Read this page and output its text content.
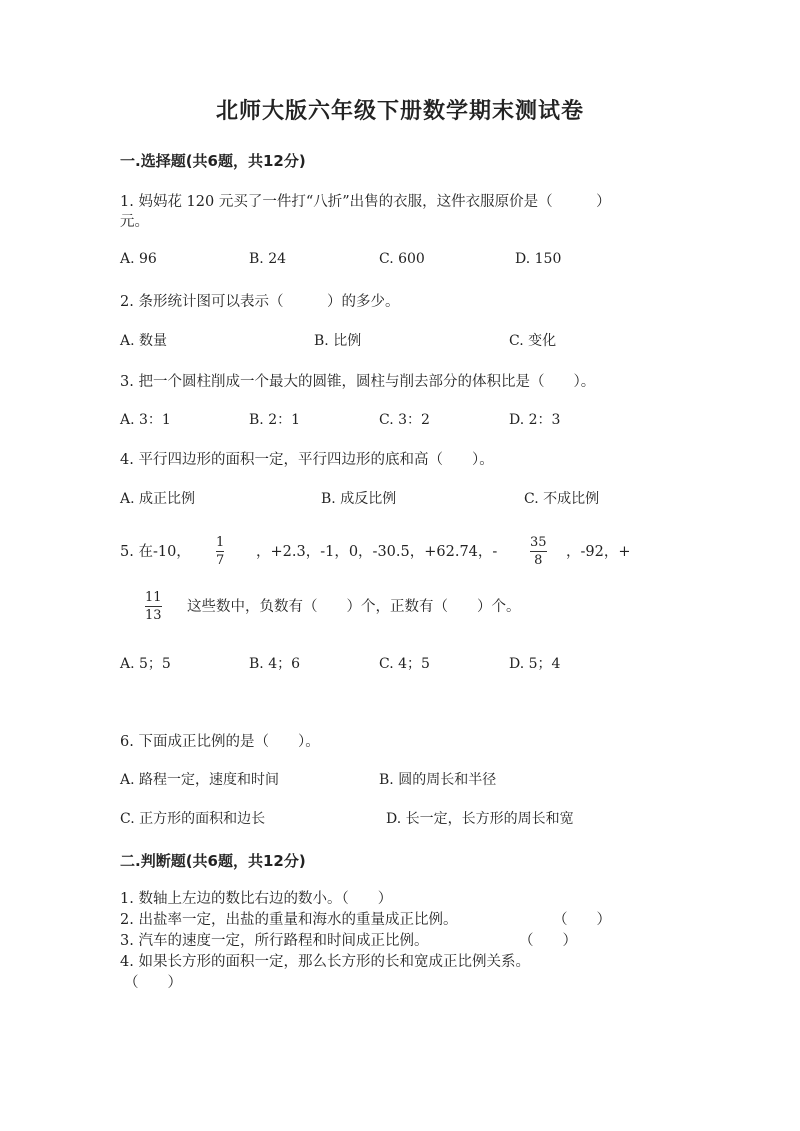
北师大版六年级下册数学期末测试卷
一.选择题(共6题，共12分)
1. 妈妈花 120 元买了一件打“八折”出售的衣服，这件衣服原价是（　　　）
元。
A. 96	B. 24	C. 600	D. 150
2. 条形统计图可以表示（　　　）的多少。
A. 数量	B. 比例	C. 变化
3. 把一个圆柱削成一个最大的圆锥，圆柱与削去部分的体积比是（　　）。
A. 3：1	B. 2：1	C. 3：2	D. 2：3
4. 平行四边形的面积一定，平行四边形的底和高（　　）。
A. 成正比例	B. 成反比例	C. 不成比例
5. 在-10，
1
7
，+2.3，-1，0，-30.5，+62.74，-
35
8
，-92，+
11
13
这些数中，负数有（　　）个，正数有（　　）个。
A. 5；5	B. 4；6	C. 4；5	D. 5；4
6. 下面成正比例的是（　　）。
A. 路程一定，速度和时间	B. 圆的周长和半径
C. 正方形的面积和边长	D. 长一定，长方形的周长和宽
二.判断题(共6题，共12分)
1. 数轴上左边的数比右边的数小。（　　）
2. 出盐率一定，出盐的重量和海水的重量成正比例。	（　　）
3. 汽车的速度一定，所行路程和时间成正比例。	（　　）
4. 如果长方形的面积一定，那么长方形的长和宽成正比例关系。
（　　）
